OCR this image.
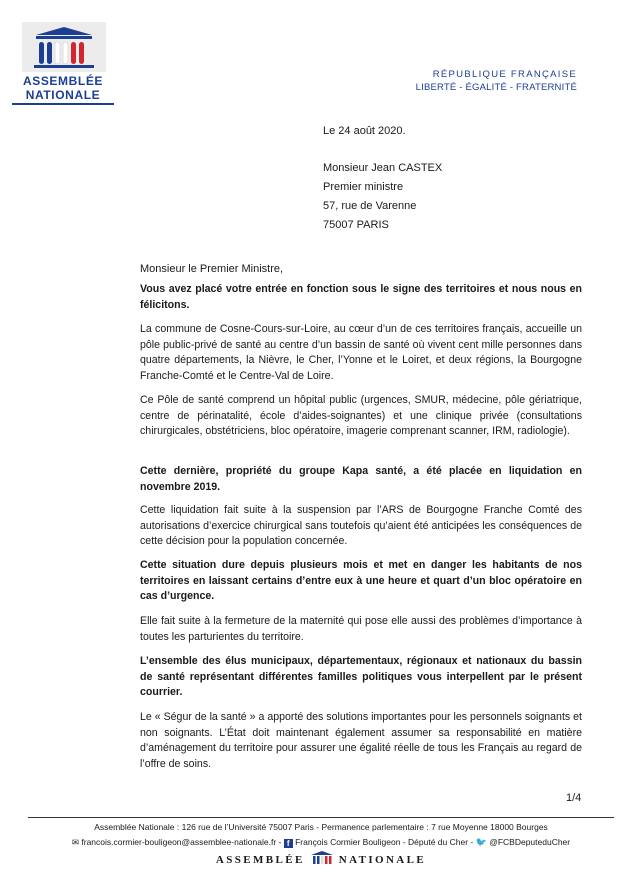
ASSEMBLÉE
NATIONALE
RÉPUBLIQUE FRANÇAISE
LIBERTÉ - ÉGALITÉ - FRATERNITÉ
Le 24 août 2020.
Monsieur Jean CASTEX
Premier ministre
57, rue de Varenne
75007 PARIS
Monsieur le Premier Ministre,

Vous avez placé votre entrée en fonction sous le signe des territoires et nous nous en félicitons.

La commune de Cosne-Cours-sur-Loire, au cœur d’un de ces territoires français, accueille un pôle public-privé de santé au centre d’un bassin de santé où vivent cent mille personnes dans quatre départements, la Nièvre, le Cher, l’Yonne et le Loiret, et deux régions, la Bourgogne Franche-Comté et le Centre-Val de Loire.

Ce Pôle de santé comprend un hôpital public (urgences, SMUR, médecine, pôle gériatrique, centre de périnatalité, école d’aides-soignantes) et une clinique privée (consultations chirurgicales, obstétriciens, bloc opératoire, imagerie comprenant scanner, IRM, radiologie).

Cette dernière, propriété du groupe Kapa santé, a été placée en liquidation en novembre 2019.

Cette liquidation fait suite à la suspension par l’ARS de Bourgogne Franche Comté des autorisations d’exercice chirurgical sans toutefois qu’aient été anticipées les conséquences de cette décision pour la population concernée.

Cette situation dure depuis plusieurs mois et met en danger les habitants de nos territoires en laissant certains d’entre eux à une heure et quart d’un bloc opératoire en cas d’urgence.

Elle fait suite à la fermeture de la maternité qui pose elle aussi des problèmes d’importance à toutes les parturientes du territoire.

L’ensemble des élus municipaux, départementaux, régionaux et nationaux du bassin de santé représentant différentes familles politiques vous interpellent par le présent courrier.

Le « Ségur de la santé » a apporté des solutions importantes pour les personnels soignants et non soignants. L’État doit maintenant également assumer sa responsabilité en matière d’aménagement du territoire pour assurer une égalité réelle de tous les Français au regard de l’offre de soins.

1/4
Assemblée Nationale : 126 rue de l’Université 75007 Paris - Permanence parlementaire : 7 rue Moyenne 18000 Bourges
✉ francois.cormier-bouligeon@assemblee-nationale.fr - f François Cormier Bouligeon - Député du Cher - 🐦 @FCBDeputeduCher
ASSEMBLÉE	NATIONALE
